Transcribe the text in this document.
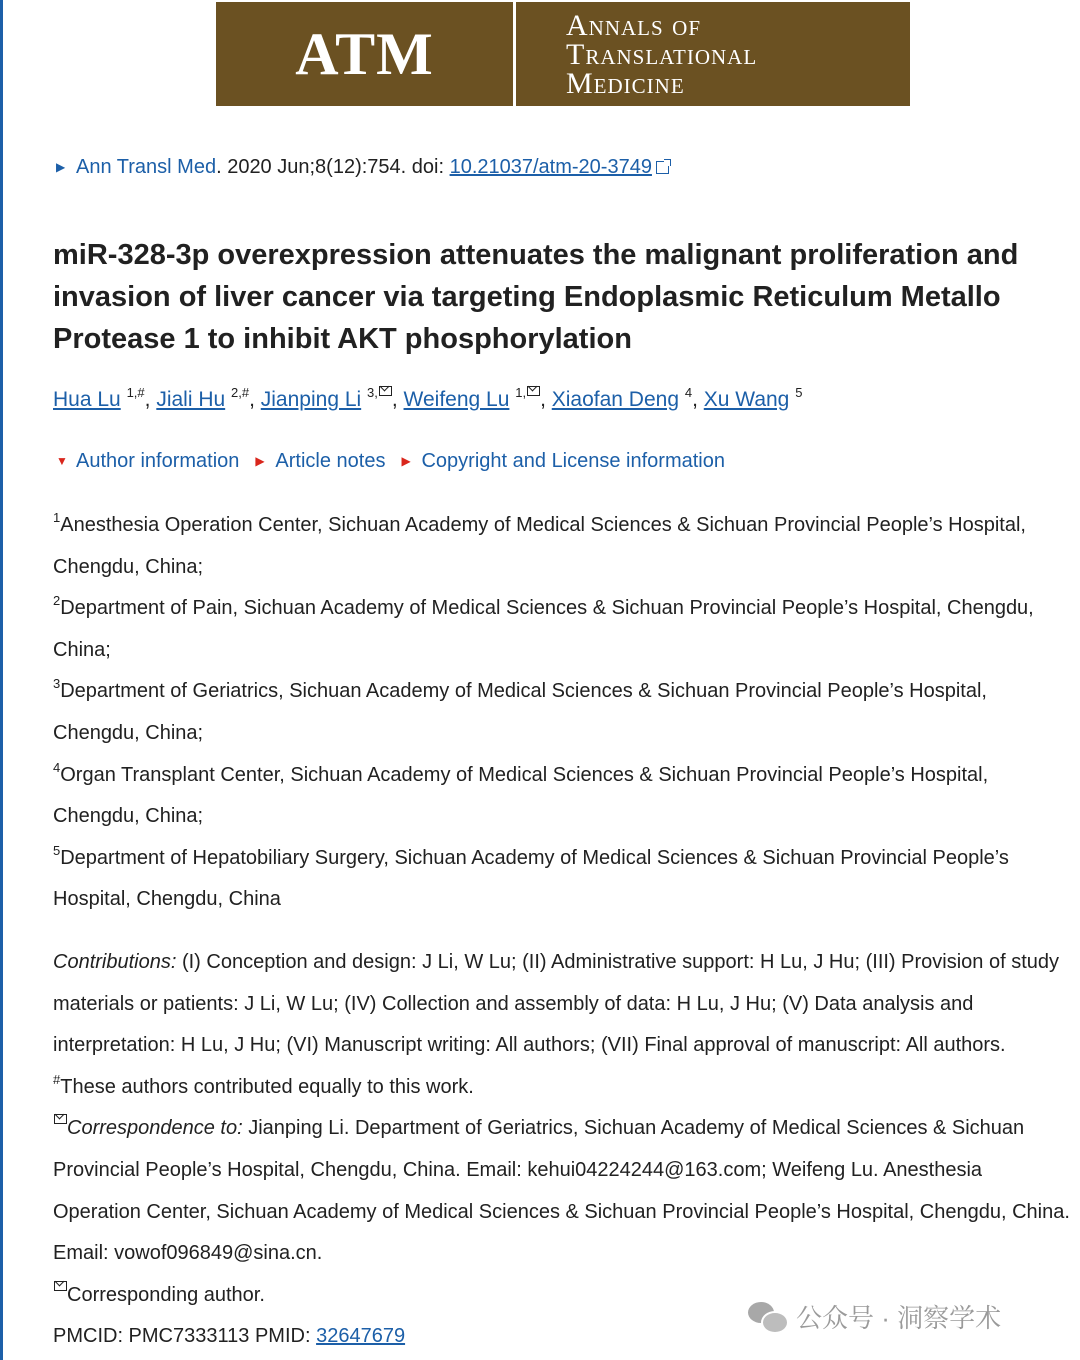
ATM	Annals of
Translational
Medicine
▶ Ann Transl Med. 2020 Jun;8(12):754. doi: 10.21037/atm-20-3749
miR-328-3p overexpression attenuates the malignant proliferation and invasion of liver cancer via targeting Endoplasmic Reticulum Metallo Protease 1 to inhibit AKT phosphorylation
Hua Lu $^{1,\#}$, Jiali Hu $^{2,\#}$, Jianping Li $^{3,}$ , Weifeng Lu $^{1,}$ , Xiaofan Deng $^4$, Xu Wang $^5$
▼ Author information ▶ Article notes ▶ Copyright and License information

$^1$Anesthesia Operation Center, Sichuan Academy of Medical Sciences & Sichuan Provincial People’s Hospital, Chengdu, China;

$^2$Department of Pain, Sichuan Academy of Medical Sciences & Sichuan Provincial People’s Hospital, Chengdu, China;

$^3$Department of Geriatrics, Sichuan Academy of Medical Sciences & Sichuan Provincial People’s Hospital, Chengdu, China;

$^4$Organ Transplant Center, Sichuan Academy of Medical Sciences & Sichuan Provincial People’s Hospital, Chengdu, China;

$^5$Department of Hepatobiliary Surgery, Sichuan Academy of Medical Sciences & Sichuan Provincial People’s Hospital, Chengdu, China

Contributions: (I) Conception and design: J Li, W Lu; (II) Administrative support: H Lu, J Hu; (III) Provision of study materials or patients: J Li, W Lu; (IV) Collection and assembly of data: H Lu, J Hu; (V) Data analysis and interpretation: H Lu, J Hu; (VI) Manuscript writing: All authors; (VII) Final approval of manuscript: All authors.

#These authors contributed equally to this work.

Correspondence to: Jianping Li. Department of Geriatrics, Sichuan Academy of Medical Sciences & Sichuan Provincial People’s Hospital, Chengdu, China. Email: kehui04224244@163.com; Weifeng Lu. Anesthesia Operation Center, Sichuan Academy of Medical Sciences & Sichuan Provincial People’s Hospital, Chengdu, China. Email: vowof096849@sina.cn.

Corresponding author.

PMCID: PMC7333113 PMID: 32647679
公众号 · 洞察学术
